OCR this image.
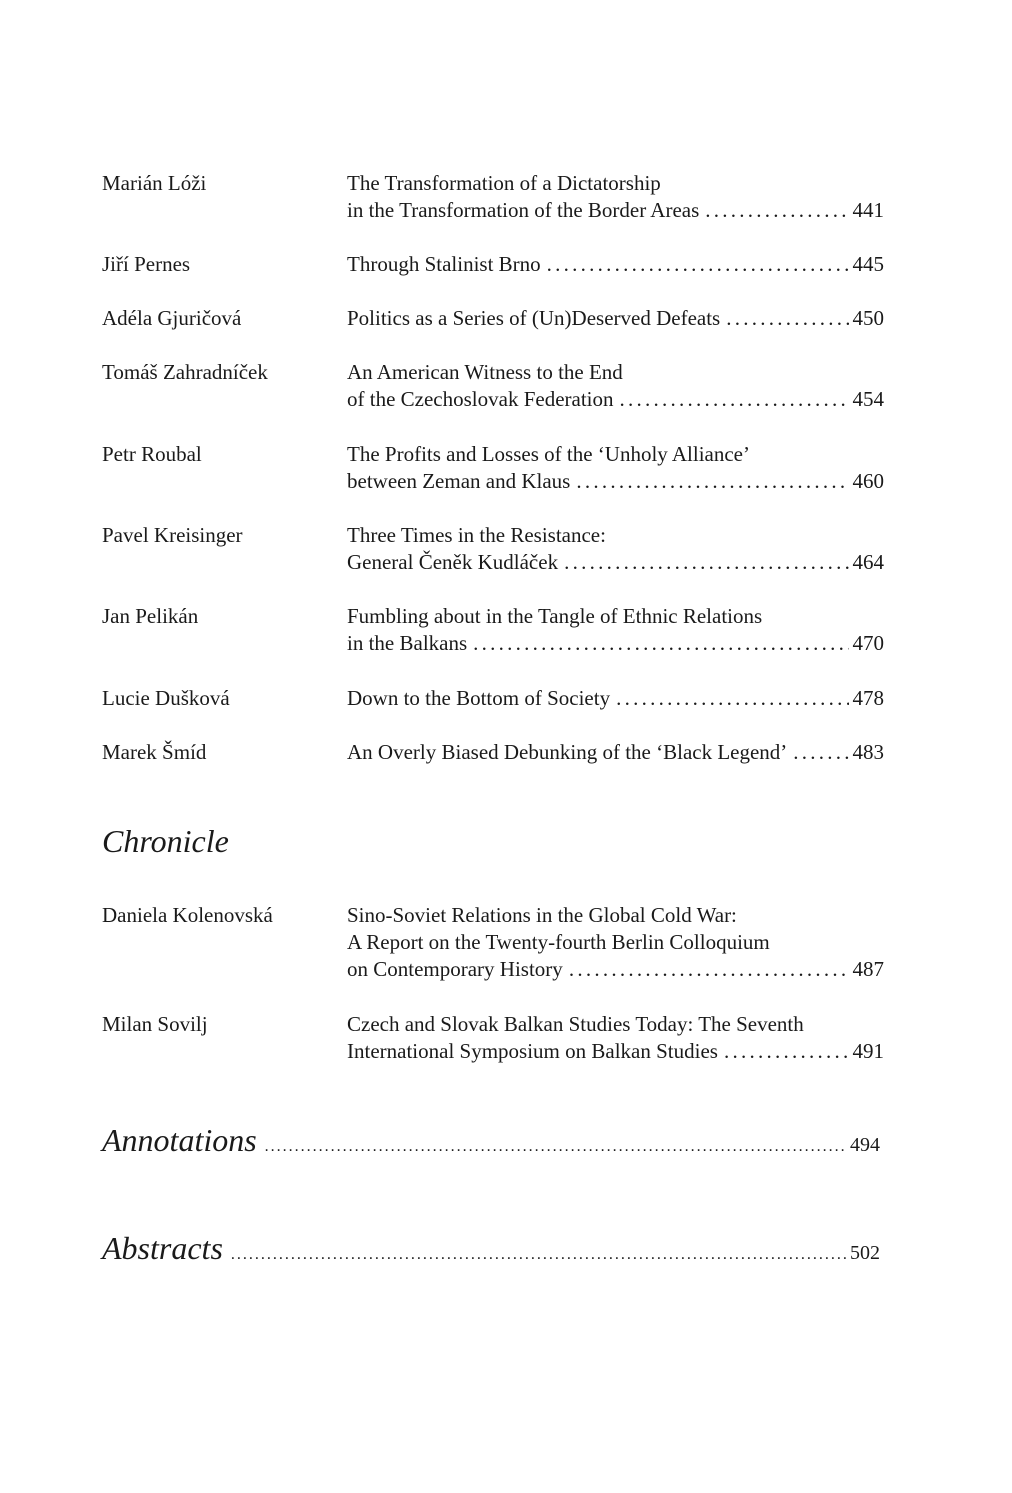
Marián Lóži	The Transformation of a Dictatorship
in the Transformation of the Border Areas . . .	441
Jiří Pernes	Through Stalinist Brno . . .	445
Adéla Gjuričová	Politics as a Series of (Un)Deserved Defeats . . .	450
Tomáš Zahradníček	An American Witness to the End
of the Czechoslovak Federation . . .	454
Petr Roubal	The Profits and Losses of the ‘Unholy Alliance’
between Zeman and Klaus . . .	460
Pavel Kreisinger	Three Times in the Resistance:
General Čeněk Kudláček . . .	464
Jan Pelikán	Fumbling about in the Tangle of Ethnic Relations
in the Balkans . . .	470
Lucie Dušková	Down to the Bottom of Society . . .	478
Marek Šmíd	An Overly Biased Debunking of the ‘Black Legend’ . . .	483
Chronicle
Daniela Kolenovská	Sino-Soviet Relations in the Global Cold War:
A Report on the Twenty-fourth Berlin Colloquium
on Contemporary History . . .	487
Milan Sovilj	Czech and Slovak Balkan Studies Today: The Seventh
International Symposium on Balkan Studies . . .	491
Annotations . . .	494
Abstracts . . .	502
